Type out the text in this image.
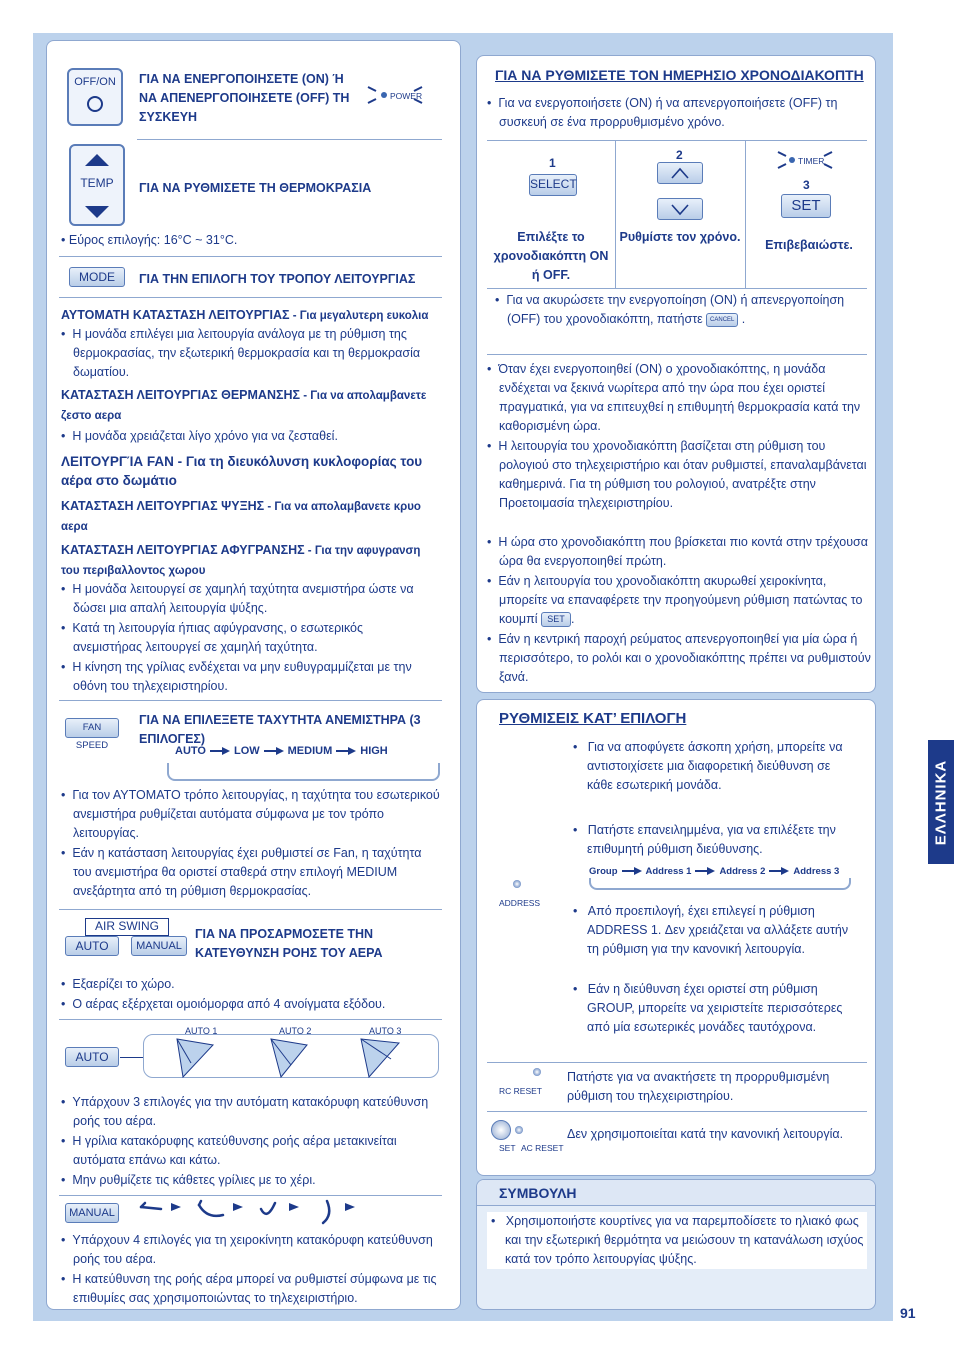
OFF/ON	ΓΙΑ ΝΑ ΕΝΕΡΓΟΠΟΙΗΣΕΤΕ (ON) Ή ΝΑ ΑΠΕΝΕΡΓΟΠΟΙΗΣΕΤΕ (OFF) ΤΗ ΣΥΣΚΕΥΗ
POWER
TEMP	ΓΙΑ ΝΑ ΡΥΘΜΙΣΕΤΕ ΤΗ ΘΕΡΜΟΚΡΑΣΙΑ
• Εύρος επιλογής: 16°C ~ 31°C.
MODE	ΓΙΑ ΤΗΝ ΕΠΙΛΟΓΗ ΤΟΥ ΤΡΟΠΟΥ ΛΕΙΤΟΥΡΓΙΑΣ
ΑΥΤΟΜΑΤΗ ΚΑΤΑΣΤΑΣΗ ΛΕΙΤΟΥΡΓΙΑΣ - Για μεγαλυτερη ευκολια
•  Η μονάδα επιλέγει μια λειτουργία ανάλογα με τη ρύθμιση της θερμοκρασίας, την εξωτερική θερμοκρασία και τη θερμοκρασία δωματίου.
ΚΑΤΑΣΤΑΣΗ ΛΕΙΤΟΥΡΓΙΑΣ ΘΕΡΜΑΝΣΗΣ - Για να απολαμβανετε ζεστο αερα
•  Η μονάδα χρειάζεται λίγο χρόνο για να ζεσταθεί.
ΛΕΙΤΟΥΡΓΊΑ FAN - Για τη διευκόλυνση κυκλοφορίας του αέρα στο δωμάτιο
ΚΑΤΑΣΤΑΣΗ ΛΕΙΤΟΥΡΓΙΑΣ ΨΥΞΗΣ - Για να απολαμβανετε κρυο αερα
ΚΑΤΑΣΤΑΣΗ ΛΕΙΤΟΥΡΓΙΑΣ ΑΦΥΓΡΑΝΣΗΣ - Για την αφυγρανση του περιβαλλοντος χωρου
•  Η μονάδα λειτουργεί σε χαμηλή ταχύτητα ανεμιστήρα ώστε να δώσει μια απαλή λειτουργία ψύξης.
•  Κατά τη λειτουργία ήπιας αφύγρανσης, ο εσωτερικός ανεμιστήρας λειτουργεί σε χαμηλή ταχύτητα.
•  Η κίνηση της γρίλιας ενδέχεται να μην ευθυγραμμίζεται με την οθόνη του τηλεχειριστηρίου.
FAN SPEED
ΓΙΑ ΝΑ ΕΠΙΛΕΞΕΤΕ ΤΑΧΥΤΗΤΑ ΑΝΕΜΙΣΤΗΡΑ (3 ΕΠΙΛΟΓΕΣ)
AUTO	LOW	MEDIUM	HIGH
•  Για τον ΑΥΤΟΜΑΤΟ τρόπο λειτουργίας, η ταχύτητα του εσωτερικού ανεμιστήρα ρυθμίζεται αυτόματα σύμφωνα με τον τρόπο λειτουργίας.
•  Εάν η κατάσταση λειτουργίας έχει ρυθμιστεί σε Fan, η ταχύτητα του ανεμιστήρα θα οριστεί σταθερά στην επιλογή MEDIUM ανεξάρτητα από τη ρύθμιση θερμοκρασίας.
AIR SWING
AUTO	MANUAL
ΓΙΑ ΝΑ ΠΡΟΣΑΡΜΟΣΕΤΕ ΤΗΝ ΚΑΤΕΥΘΥΝΣΗ ΡΟΗΣ ΤΟΥ ΑΕΡΑ
•  Εξαερίζει το χώρο.
•  Ο αέρας εξέρχεται ομοιόμορφα από 4 ανοίγματα εξόδου.
AUTO
AUTO 1	AUTO 2	AUTO 3
•  Υπάρχουν 3 επιλογές για την αυτόματη κατακόρυφη κατεύθυνση ροής του αέρα.
•  Η γρίλια κατακόρυφης κατεύθυνσης ροής αέρα μετακινείται αυτόματα επάνω και κάτω.
•  Μην ρυθμίζετε τις κάθετες γρίλιες με το χέρι.
MANUAL
•  Υπάρχουν 4 επιλογές για τη χειροκίνητη κατακόρυφη κατεύθυνση ροής του αέρα.
•  Η κατεύθυνση της ροής αέρα μπορεί να ρυθμιστεί σύμφωνα με τις επιθυμίες σας χρησιμοποιώντας το τηλεχειριστήριο.
ΓΙΑ ΝΑ ΡΥΘΜΙΣΕΤΕ ΤΟΝ ΗΜΕΡΗΣΙΟ ΧΡΟΝΟΔΙΑΚΟΠΤΗ
•  Για να ενεργοποιήσετε (ON) ή να απενεργοποιήσετε (OFF) τη συσκευή σε ένα προρρυθμισμένο χρόνο.
1
SELECT
Επιλέξτε το χρονοδιακόπτη ON ή OFF.
2
Ρυθμίστε τον χρόνο.
TIMER
3
SET
Επιβεβαιώστε.
•  Για να ακυρώσετε την ενεργοποίηση (ON) ή απενεργοποίηση (OFF) του χρονοδιακόπτη, πατήστε CANCEL .
•  Όταν έχει ενεργοποιηθεί (ON) ο χρονοδιακόπτης, η μονάδα ενδέχεται να ξεκινά νωρίτερα από την ώρα που έχει οριστεί πραγματικά, για να επιτευχθεί η επιθυμητή θερμοκρασία κατά την καθορισμένη ώρα.
•  Η λειτουργία του χρονοδιακόπτη βασίζεται στη ρύθμιση του ρολογιού στο τηλεχειριστήριο και όταν ρυθμιστεί, επαναλαμβάνεται καθημερινά. Για τη ρύθμιση του ρολογιού, ανατρέξτε στην Προετοιμασία τηλεχειριστηρίου.
•  Η ώρα στο χρονοδιακόπτη που βρίσκεται πιο κοντά στην τρέχουσα ώρα θα ενεργοποιηθεί πρώτη.
•  Εάν η λειτουργία του χρονοδιακόπτη ακυρωθεί χειροκίνητα, μπορείτε να επαναφέρετε την προηγούμενη ρύθμιση πατώντας το κουμπί SET .
•  Εάν η κεντρική παροχή ρεύματος απενεργοποιηθεί για μία ώρα ή περισσότερο, το ρολόι και ο χρονοδιακόπτης πρέπει να ρυθμιστούν ξανά.
ΡΥΘΜΙΣΕΙΣ ΚΑΤ’ ΕΠΙΛΟΓΗ
•   Για να αποφύγετε άσκοπη χρήση, μπορείτε να αντιστοιχίσετε μια διαφορετική διεύθυνση σε κάθε εσωτερική μονάδα.
•   Πατήστε επανειλημμένα, για να επιλέξετε την επιθυμητή ρύθμιση διεύθυνσης.
Group	Address 1	Address 2	Address 3
ADDRESS
•   Από προεπιλογή, έχει επιλεγεί η ρύθμιση ADDRESS 1. Δεν χρειάζεται να αλλάξετε αυτήν τη ρύθμιση για την κανονική λειτουργία.
•   Εάν η διεύθυνση έχει οριστεί στη ρύθμιση GROUP, μπορείτε να χειριστείτε περισσότερες από μία εσωτερικές μονάδες ταυτόχρονα.
RC RESET
Πατήστε για να ανακτήσετε τη προρρυθμισμένη ρύθμιση του τηλεχειριστηρίου.
SET AC RESET
Δεν χρησιμοποιείται κατά την κανονική λειτουργία.
ΣΥΜΒΟΥΛΗ
•   Χρησιμοποιήστε κουρτίνες για να παρεμποδίσετε το ηλιακό φως και την εξωτερική θερμότητα να μειώσουν τη κατανάλωση ισχύος κατά τον τρόπο λειτουργίας ψύξης.
ΕΛΛΗΝΙΚΑ
91
